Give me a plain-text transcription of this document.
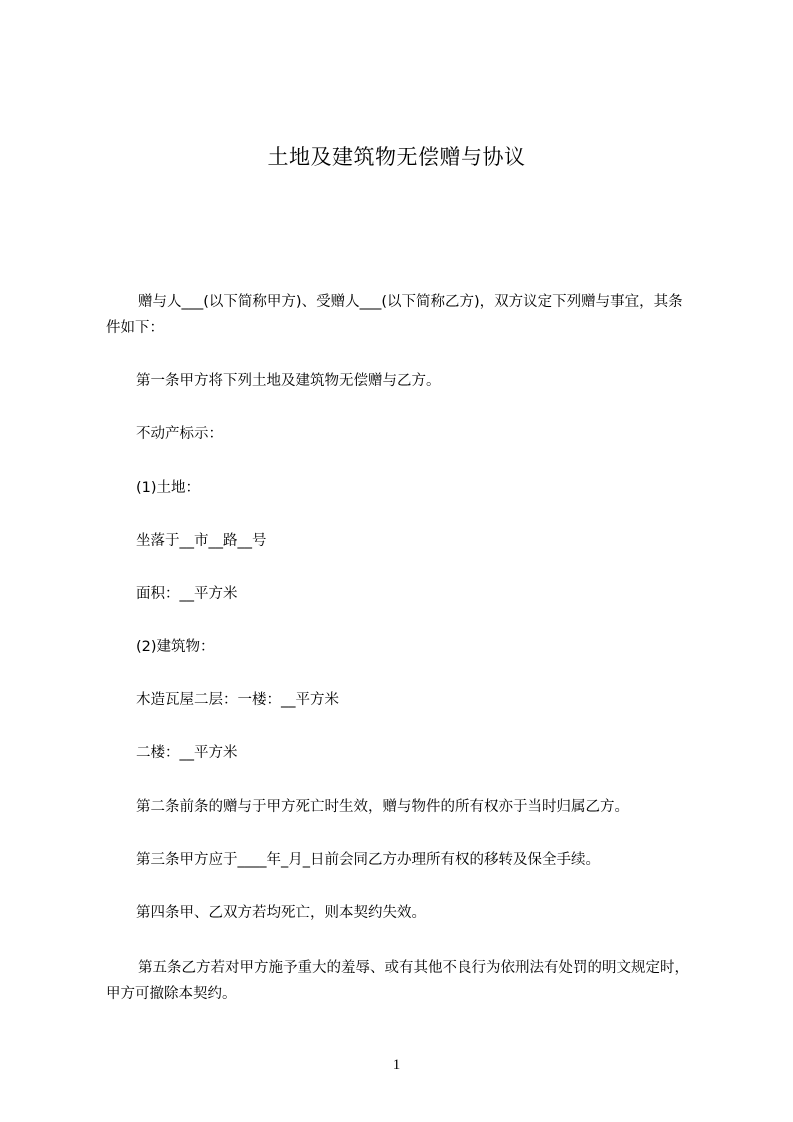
土地及建筑物无偿赠与协议
赠与人___(以下简称甲方)、受赠人___(以下简称乙方)，双方议定下列赠与事宜，其条件如下：
第一条甲方将下列土地及建筑物无偿赠与乙方。
不动产标示：
(1)土地：
坐落于__市__路__号
面积：__平方米
(2)建筑物：
木造瓦屋二层：一楼：__平方米
二楼：__平方米
第二条前条的赠与于甲方死亡时生效，赠与物件的所有权亦于当时归属乙方。
第三条甲方应于____年_月_日前会同乙方办理所有权的移转及保全手续。
第四条甲、乙双方若均死亡，则本契约失效。
第五条乙方若对甲方施予重大的羞辱、或有其他不良行为依刑法有处罚的明文规定时，甲方可撤除本契约。
1
